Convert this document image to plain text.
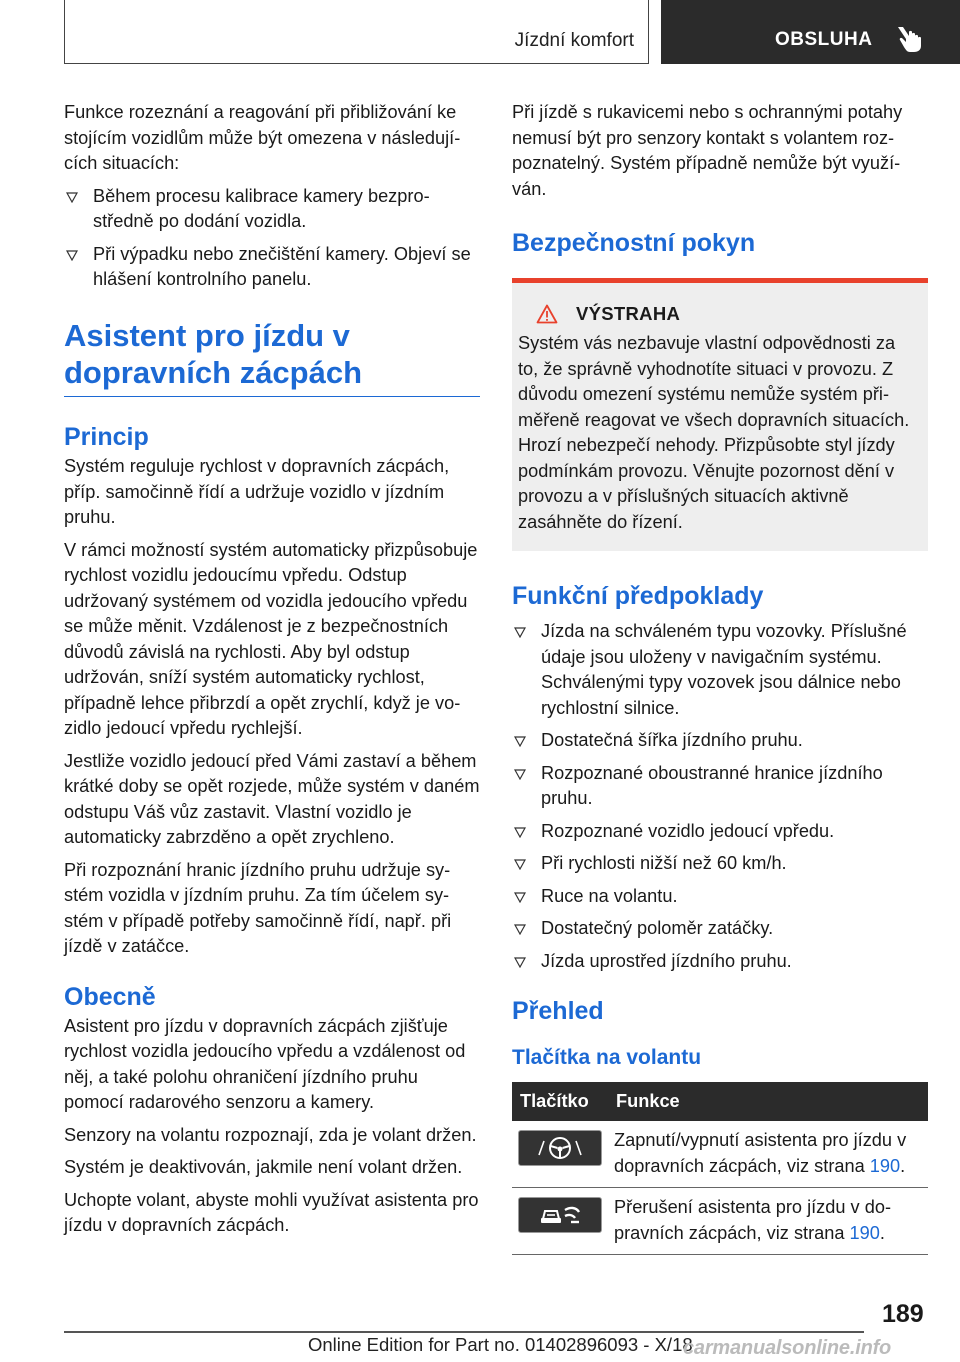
Jízdní komfort	OBSLUHA

Funkce rozeznání a reagování při přibližování ke stojícím vozidlům může být omezena v následujících situacích:

Během procesu kalibrace kamery bezprostředně po dodání vozidla.
Při výpadku nebo znečištění kamery. Objeví se hlášení kontrolního panelu.
Asistent pro jízdu v dopravních zácpách
Princip

Systém reguluje rychlost v dopravních zácpách, příp. samočinně řídí a udržuje vozidlo v jízdním pruhu.

V rámci možností systém automaticky přizpůsobuje rychlost vozidlu jedoucímu vpředu. Odstup udržovaný systémem od vozidla jedoucího vpředu se může měnit. Vzdálenost je z bezpečnostních důvodů závislá na rychlosti. Aby byl odstup udržován, sníží systém automaticky rychlost, případně lehce přibrzdí a opět zrychlí, když je vozidlo jedoucí vpředu rychlejší.

Jestliže vozidlo jedoucí před Vámi zastaví a během krátké doby se opět rozjede, může systém v daném odstupu Váš vůz zastavit. Vlastní vozidlo je automaticky zabrzděno a opět zrychleno.

Při rozpoznání hranic jízdního pruhu udržuje systém vozidla v jízdním pruhu. Za tím účelem systém v případě potřeby samočinně řídí, např. při jízdě v zatáčce.

Obecně

Asistent pro jízdu v dopravních zácpách zjišťuje rychlost vozidla jedoucího vpředu a vzdálenost od něj, a také polohu ohraničení jízdního pruhu pomocí radarového senzoru a kamery.

Senzory na volantu rozpoznají, zda je volant držen.

Systém je deaktivován, jakmile není volant držen.

Uchopte volant, abyste mohli využívat asistenta pro jízdu v dopravních zácpách.

Při jízdě s rukavicemi nebo s ochrannými potahy nemusí být pro senzory kontakt s volantem rozpoznatelný. Systém případně nemůže být využíván.

Bezpečnostní pokyn
VÝSTRAHA

Systém vás nezbavuje vlastní odpovědnosti za to, že správně vyhodnotíte situaci v provozu. Z důvodu omezení systému nemůže systém přiměřeně reagovat ve všech dopravních situacích. Hrozí nebezpečí nehody. Přizpůsobte styl jízdy podmínkám provozu. Věnujte pozornost dění v provozu a v příslušných situacích aktivně zasáhněte do řízení.

Funkční předpoklady
Jízda na schváleném typu vozovky. Příslušné údaje jsou uloženy v navigačním systému. Schválenými typy vozovek jsou dálnice nebo rychlostní silnice.
Dostatečná šířka jízdního pruhu.
Rozpoznané oboustranné hranice jízdního pruhu.
Rozpoznané vozidlo jedoucí vpředu.
Při rychlosti nižší než 60 km/h.
Ruce na volantu.
Dostatečný poloměr zatáčky.
Jízda uprostřed jízdního pruhu.
Přehled
Tlačítka na volantu
Tlačítko	Funkce

	Zapnutí/vypnutí asistenta pro jízdu v dopravních zácpách, viz strana 190.

	Přerušení asistenta pro jízdu v dopravních zácpách, viz strana 190.
189
Online Edition for Part no. 01402896093 - X/18
carmanualsonline.info
